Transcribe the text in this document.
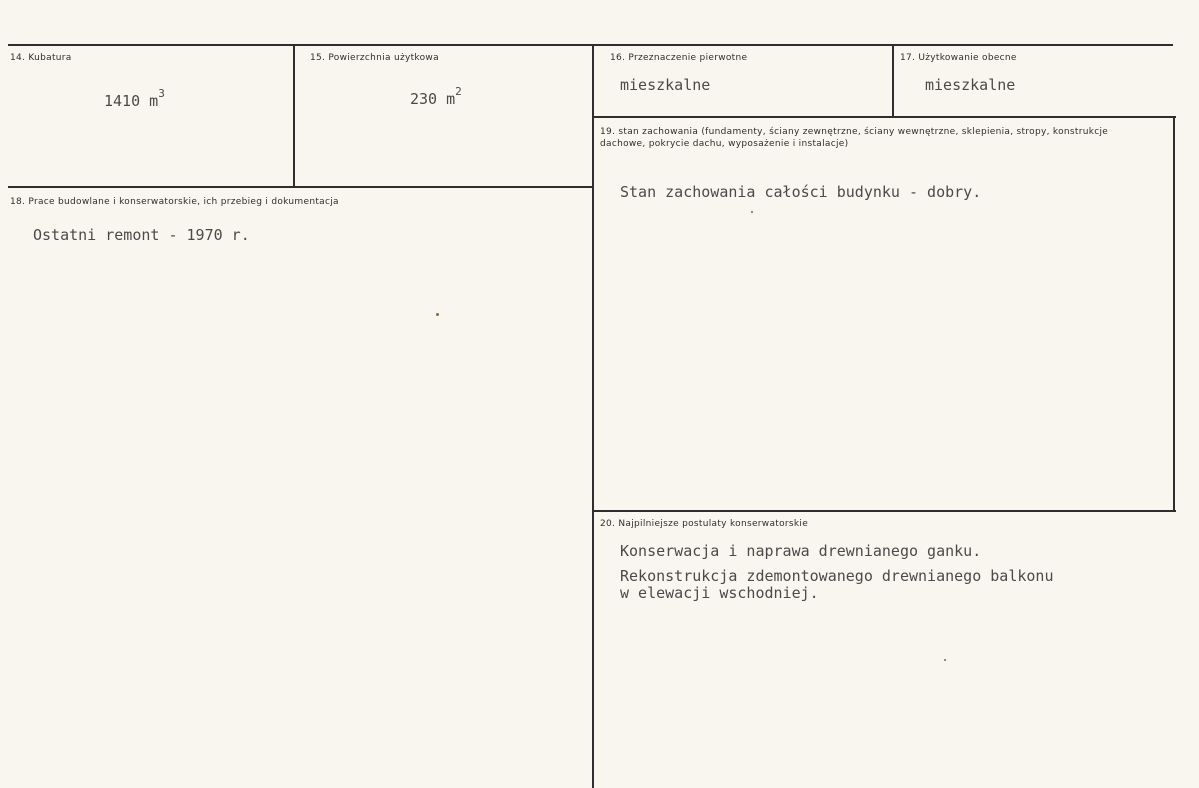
14. Kubatura
1410 $m^3$
15. Powierzchnia użytkowa
230 $m^2$
16. Przeznaczenie pierwotne
mieszkalne
17. Użytkowanie obecne
mieszkalne
18. Prace budowlane i konserwatorskie, ich przebieg i dokumentacja
Ostatni remont - 1970 r.
19. stan zachowania (fundamenty, ściany zewnętrzne, ściany wewnętrzne, sklepienia, stropy, konstrukcje dachowe, pokrycie dachu, wyposażenie i instalacje)
Stan zachowania całości budynku - dobry.
20. Najpilniejsze postulaty konserwatorskie
Konserwacja i naprawa drewnianego ganku.
Rekonstrukcja zdemontowanego drewnianego balkonu
w elewacji wschodniej.
